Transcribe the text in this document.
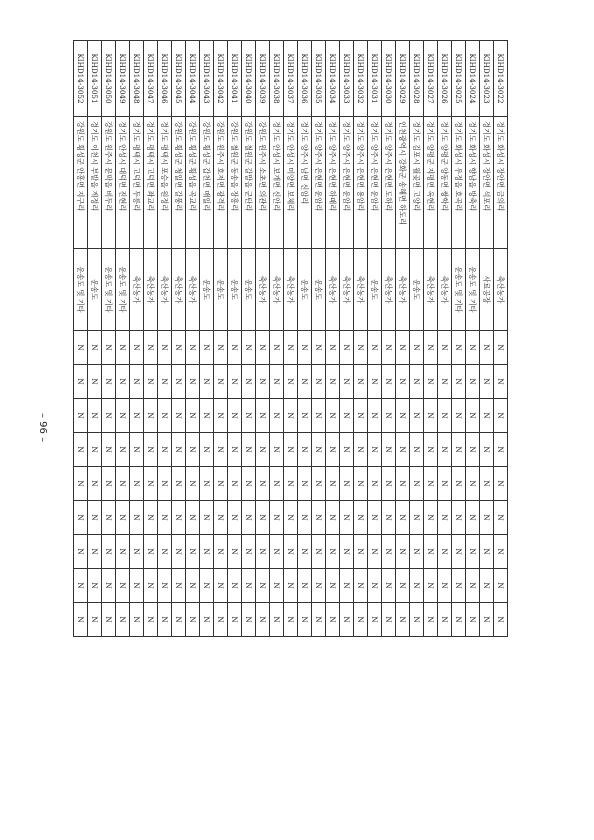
KIHD14-3022	경기도 화성시 장안면 금의리	축산농가	N	N	N	N	N	N	N	N	N
KIHD14-3023	경기도 화성시 장안면 석포리	사료공장	N	N	N	N	N	N	N	N	N
KIHD14-3024	경기도 화성시 향남읍 방축리	운송도 및 기타	N	N	N	N	N	N	N	N	N
KIHD14-3025	경기도 화성시 우정읍 호곡리	운송도 및 기타	N	N	N	N	N	N	N	N	N
KIHD14-3026	경기도 양평군 양동면 쌍학리	축산농가	N	N	N	N	N	N	N	N	N
KIHD14-3027	경기도 양평군 지평면 옥현리	축산농가	N	N	N	N	N	N	N	N	N
KIHD14-3028	경기도 김포시 월곶면 고양리	운송도	N	N	N	N	N	N	N	N	N
KIHD14-3029	인천광역시 강화군 송해면 하도리	축산농가	N	N	N	N	N	N	N	N	N
KIHD14-3030	경기도 양주시 은현면 도하리	축산농가	N	N	N	N	N	N	N	N	N
KIHD14-3031	경기도 양주시 은현면 운암리	운송도	N	N	N	N	N	N	N	N	N
KIHD14-3032	경기도 양주시 은현면 용암리	축산농가	N	N	N	N	N	N	N	N	N
KIHD14-3033	경기도 양주시 은현면 운암리	축산농가	N	N	N	N	N	N	N	N	N
KIHD14-3034	경기도 양주시 은현면 하패리	축산농가	N	N	N	N	N	N	N	N	N
KIHD14-3035	경기도 양주시 은현면 운암리	운송도	N	N	N	N	N	N	N	N	N
KIHD14-3036	경기도 양주시 남면 신암리	운송도	N	N	N	N	N	N	N	N	N
KIHD14-3037	경기도 안성시 미양면 보체리	축산농가	N	N	N	N	N	N	N	N	N
KIHD14-3038	경기도 안성시 보개면 신안리	축산농가	N	N	N	N	N	N	N	N	N
KIHD14-3039	강원도 원주시 소초면 의관리	축산농가	N	N	N	N	N	N	N	N	N
KIHD14-3040	강원도 철원군 갈말읍 군탄리	운송도	N	N	N	N	N	N	N	N	N
KIHD14-3041	강원도 철원군 동송읍 장흥리	운송도	N	N	N	N	N	N	N	N	N
KIHD14-3042	강원도 원주시 호저면 광격리	운송도	N	N	N	N	N	N	N	N	N
KIHD14-3043	강원도 횡성군 갑천면 매일리	운송도	N	N	N	N	N	N	N	N	N
KIHD14-3044	강원도 횡성군 횡성읍 곡교리	축산농가	N	N	N	N	N	N	N	N	N
KIHD14-3045	강원도 횡성군 청일면 갈풍리	축산농가	N	N	N	N	N	N	N	N	N
KIHD14-3046	경기도 평택시 포승읍 원정리	축산농가	N	N	N	N	N	N	N	N	N
KIHD14-3047	경기도 평택시 고덕면 좌교리	축산농가	N	N	N	N	N	N	N	N	N
KIHD14-3048	경기도 평택시 고덕면 두릉리	축산농가	N	N	N	N	N	N	N	N	N
KIHD14-3049	경기도 안성시 대덕면 진현리	운송도 및 기타	N	N	N	N	N	N	N	N	N
KIHD14-3050	강원도 원주시 문막읍 비두리	운송도 및 기타	N	N	N	N	N	N	N	N	N
KIHD14-3051	경기도 이천시 부발읍 계정리	운송도	N	N	N	N	N	N	N	N	N
KIHD14-3052	강원도 횡성군 안흥면 지구리	운송도 및 기타	N	N	N	N	N	N	N	N	N
– 96 –
